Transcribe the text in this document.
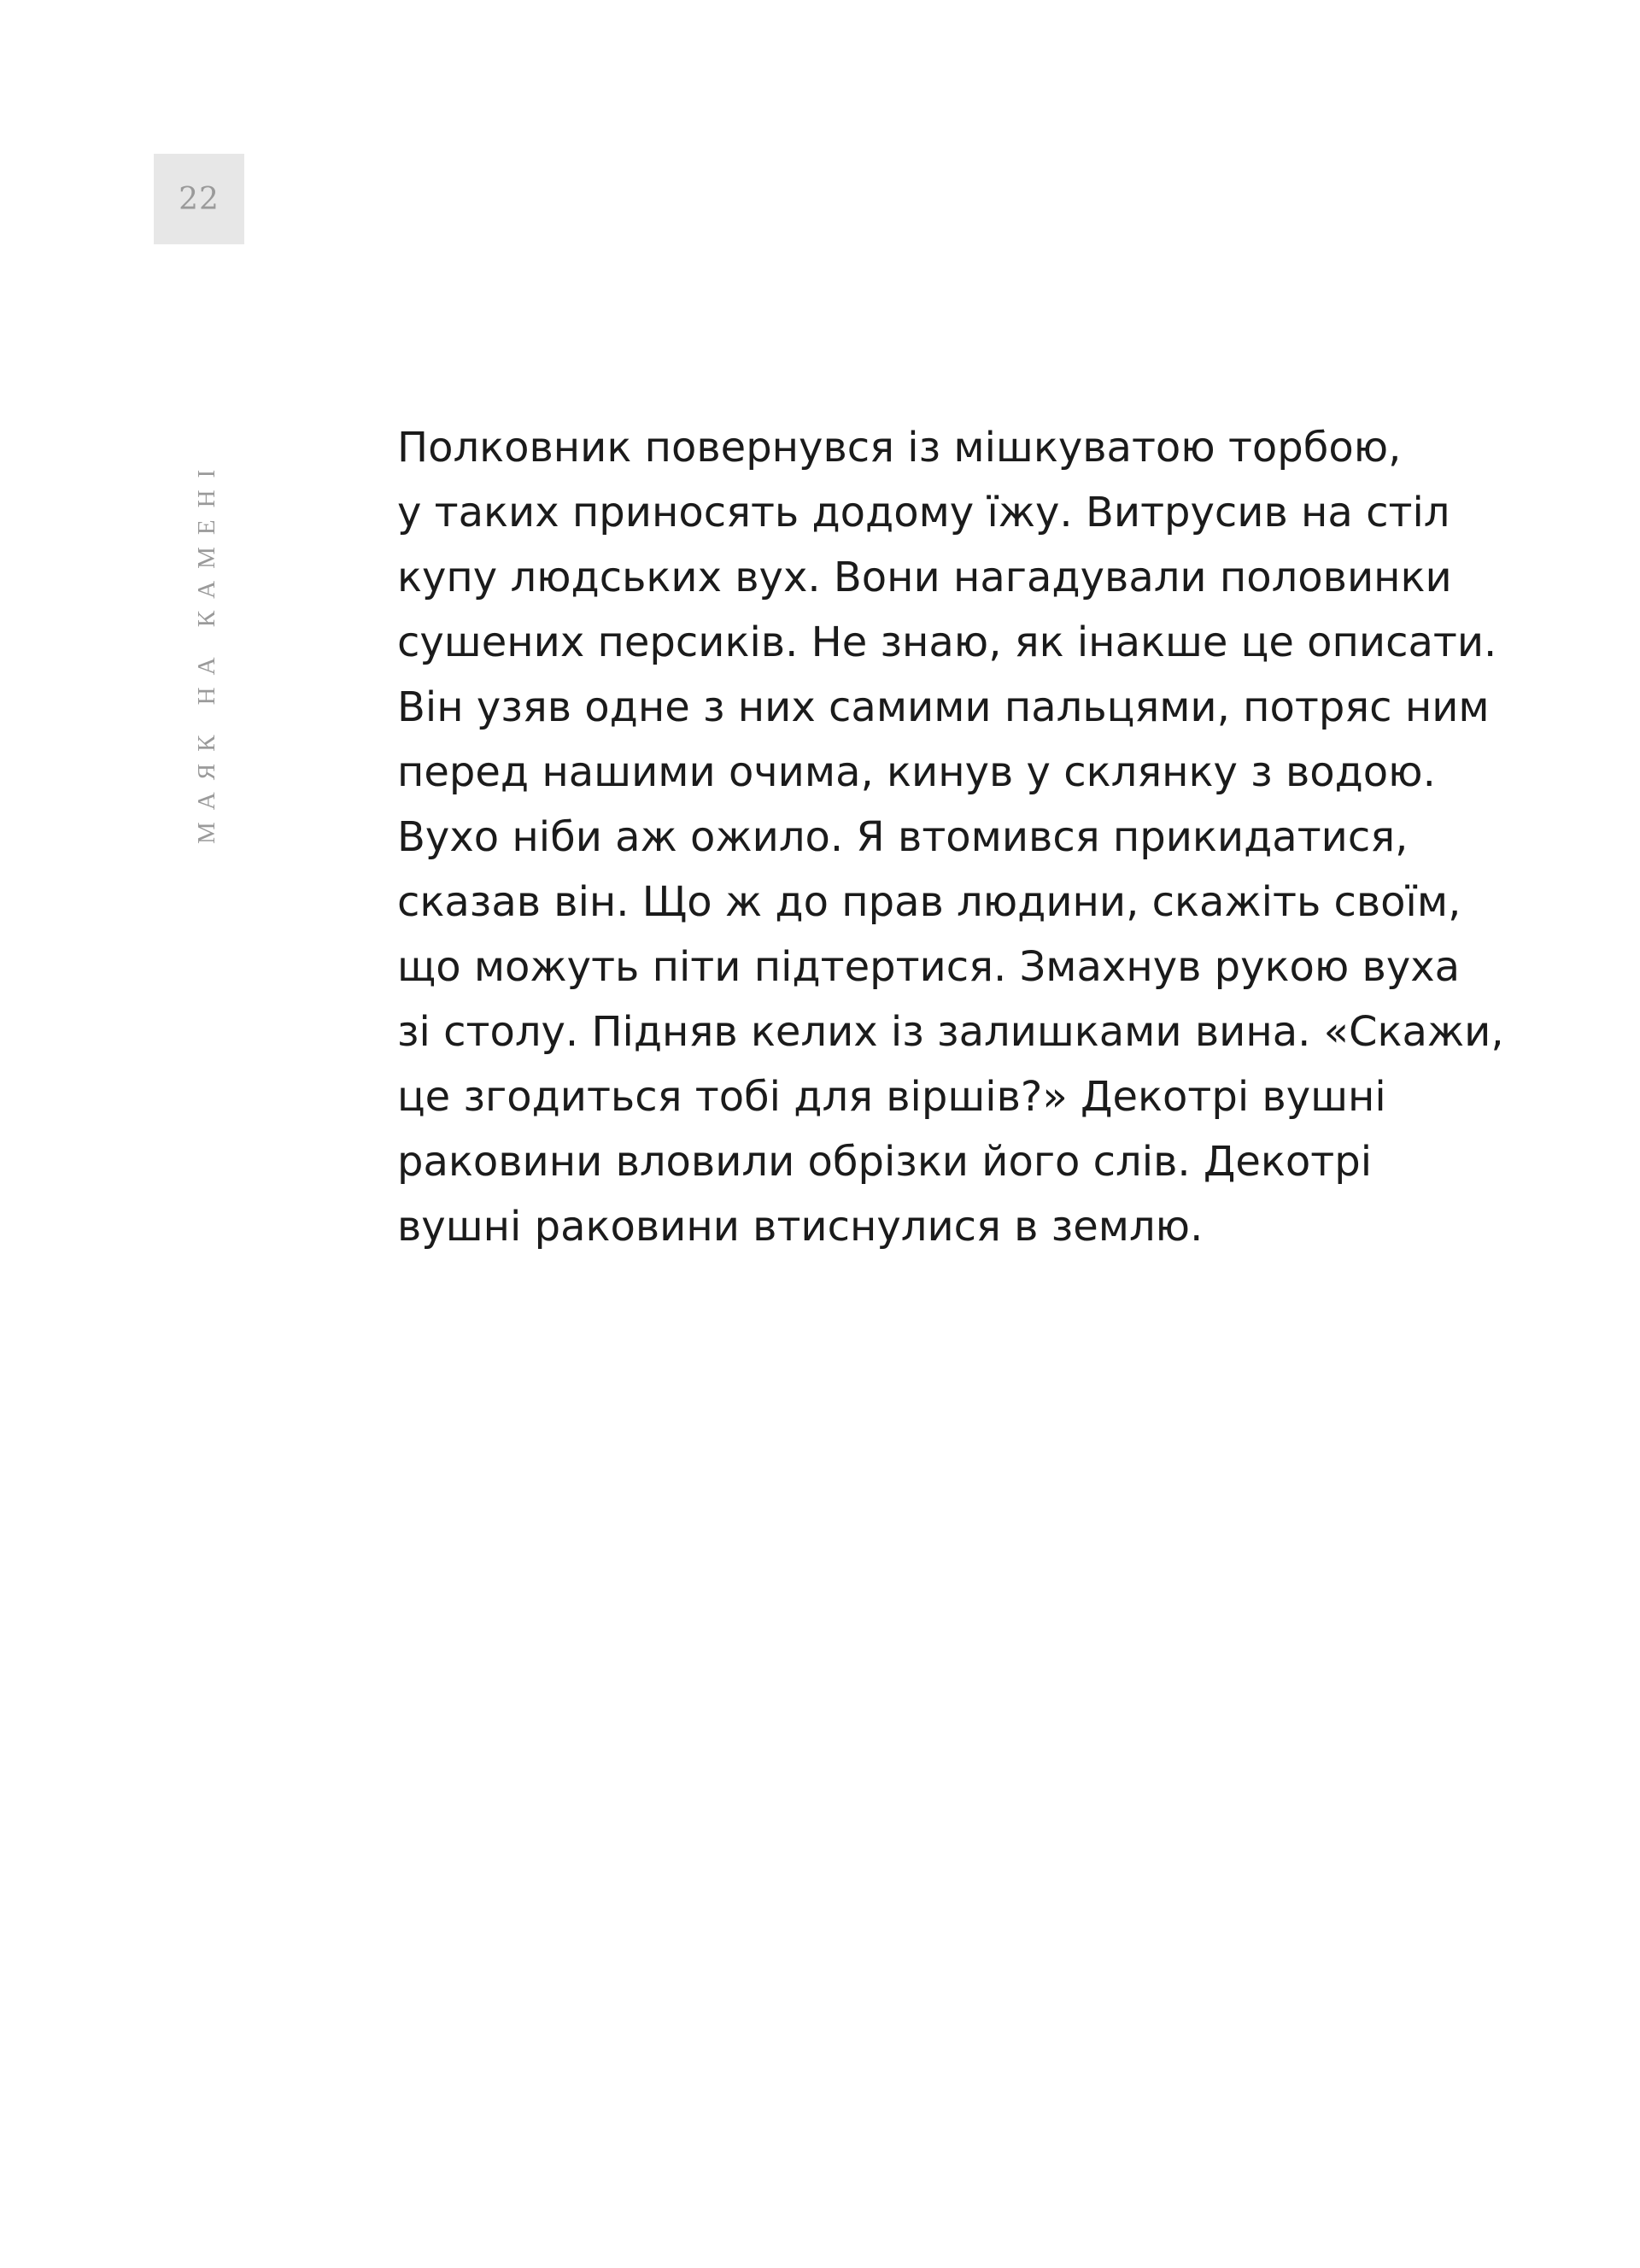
22
МАЯК НА КАМЕНІ
Полковник повернувся із мішкуватою торбою,
у таких приносять додому їжу. Витрусив на стіл
купу людських вух. Вони нагадували половинки
сушених персиків. Не знаю, як інакше це описати.
Він узяв одне з них самими пальцями, потряс ним
перед нашими очима, кинув у склянку з водою.
Вухо ніби аж ожило. Я втомився прикидатися,
сказав він. Що ж до прав людини, скажіть своїм,
що можуть піти підтертися. Змахнув рукою вуха
зі столу. Підняв келих із залишками вина. «Скажи,
це згодиться тобі для віршів?» Декотрі вушні
раковини вловили обрізки його слів. Декотрі
вушні раковини втиснулися в землю.
